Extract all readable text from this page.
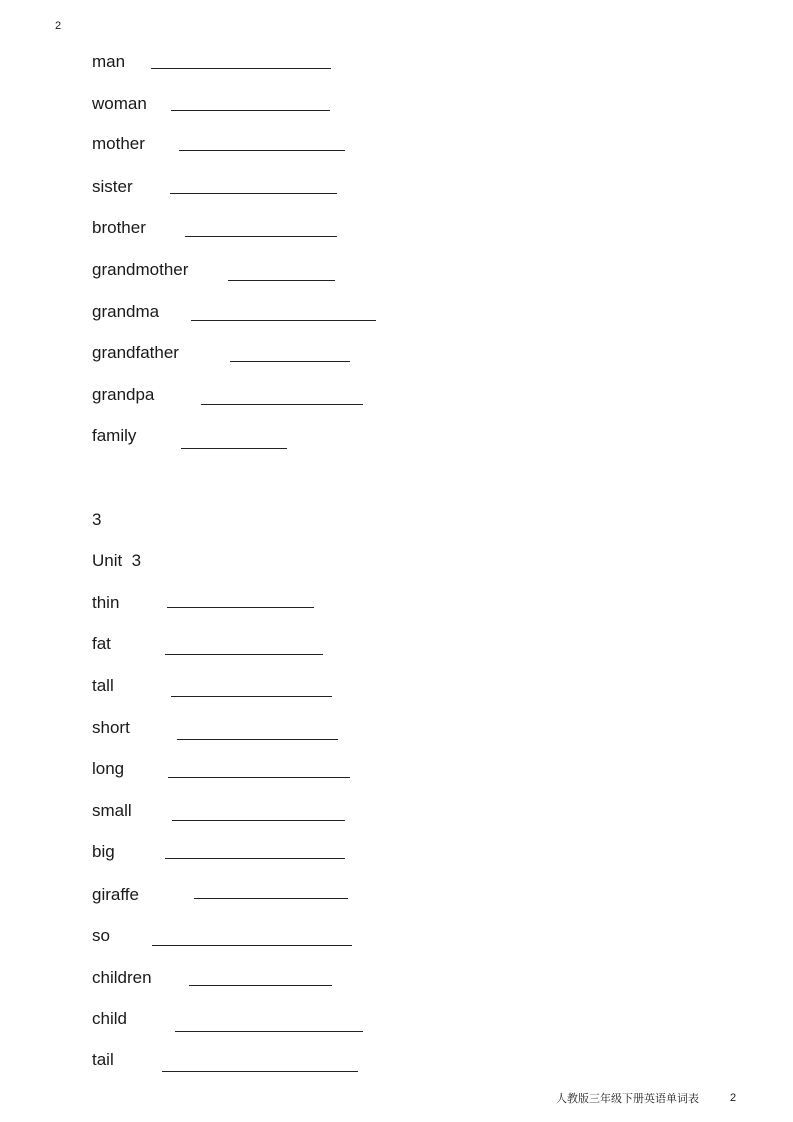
2
man
woman
mother
sister
brother
grandmother
grandma
grandfather
grandpa
family
3
Unit  3
thin
fat
tall
short
long
small
big
giraffe
so
children
child
tail
人教版三年级下册英语单词表	2
